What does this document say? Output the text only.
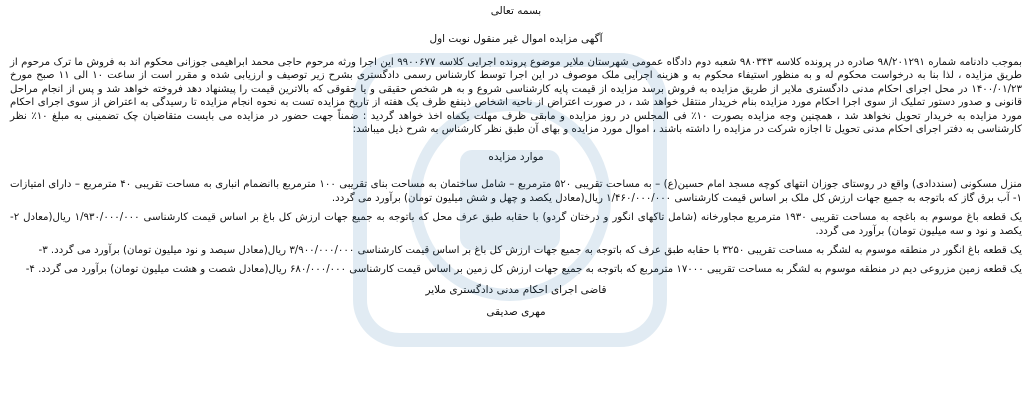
بسمه تعالی

آگهی مزایده اموال غیر منقول نوبت اول

بموجب دادنامه شماره ۹۸/۲۰۱۲۹۱ صادره در پرونده کلاسه ۹۸۰۳۴۳ شعبه دوم دادگاه عمومی شهرستان ملایر موضوع پرونده اجرایی کلاسه ۹۹۰۰۶۷۷ این اجرا ورثه مرحوم حاجی محمد ابراهیمی جوزانی محکوم اند به فروش ما ترک مرحوم از طریق مزایده ، لذا بنا به درخواست محکوم له و به منظور استیفاء محکوم به و هزینه اجرایی ملک موصوف در این اجرا توسط کارشناس رسمی دادگستری بشرح زیر توصیف و ارزیابی شده و مقرر است از ساعت ۱۰ الی ۱۱ صبح مورخ ۱۴۰۰/۰۱/۲۳ در محل اجرای احکام مدنی دادگستری ملایر از طریق مزایده به فروش برسد مزایده از قیمت پایه کارشناسی شروع و به هر شخص حقیقی و یا حقوقی که بالاترین قیمت را پیشنهاد دهد فروخته خواهد شد و پس از انجام مراحل قانونی و صدور دستور تملیک از سوی اجرا احکام مورد مزایده بنام خریدار منتقل خواهد شد ، در صورت اعتراض از ناحیه اشخاص ذینفع ظرف یک هفته از تاریخ مزایده تست به نحوه انجام مزایده تا رسیدگی به اعتراض از سوی اجرای احکام مورد مزایده به خریدار تحویل نخواهد شد ، همچنین وجه مزایده بصورت ۱۰٪ فی المجلس در روز مزایده و مابقی ظرف مهلت یکماه اخذ خواهد گردید : ضمناً جهت حضور در مزایده می بایست متقاضیان چک تضمینی به مبلغ ۱۰٪ نظر کارشناسی به دفتر اجرای احکام مدنی تحویل تا اجازه شرکت در مزایده را داشته باشند ، اموال مورد مزایده و بهای آن طبق نظر کارشناس به شرح ذیل میباشد:

موارد مزایده

منزل مسکونی (سنددادی) واقع در روستای جوزان انتهای کوچه مسجد امام حسین(ع) – به مساحت تقریبی ۵۲۰ مترمربع – شامل ساختمان به مساحت بنای تقریبی ۱۰۰ مترمربع باانضمام انباری به مساحت تقریبی ۴۰ مترمربع – دارای امتیازات ۱- آب برق گاز که باتوجه به جمیع جهات ارزش کل ملک بر اساس قیمت کارشناسی ۱/۴۶۰/۰۰۰/۰۰۰ ریال(معادل یکصد و چهل و شش میلیون تومان) برآورد می گردد.

یک قطعه باغ موسوم به باغچه به مساحت تقریبی ۱۹۳۰ مترمربع مجاورخانه (شامل تاکهای انگور و درختان گردو) با حقابه طبق عرف محل که باتوجه به جمیع جهات ارزش کل باغ بر اساس قیمت کارشناسی ۱/۹۳۰/۰۰۰/۰۰۰ ریال(معادل ۲- یکصد و نود و سه میلیون تومان) برآورد می گردد.

یک قطعه باغ انگور در منطقه موسوم به لشگر به مساحت تقریبی ۳۲۵۰ با حقابه طبق عرف که باتوجه به جمیع جهات ارزش کل باغ بر اساس قیمت کارشناسی ۳/۹۰۰/۰۰۰/۰۰۰ ریال(معادل سیصد و نود میلیون تومان) برآورد می گردد. ۳-

یک قطعه زمین مزروعی دیم در منطقه موسوم به لشگر به مساحت تقریبی ۱۷۰۰۰ مترمربع که باتوجه به جمیع جهات ارزش کل زمین بر اساس قیمت کارشناسی ۶۸۰/۰۰۰/۰۰۰ ریال(معادل شصت و هشت میلیون تومان) برآورد می گردد. ۴-

قاضی اجرای احکام مدنی دادگستری ملایر

مهری صدیقی
